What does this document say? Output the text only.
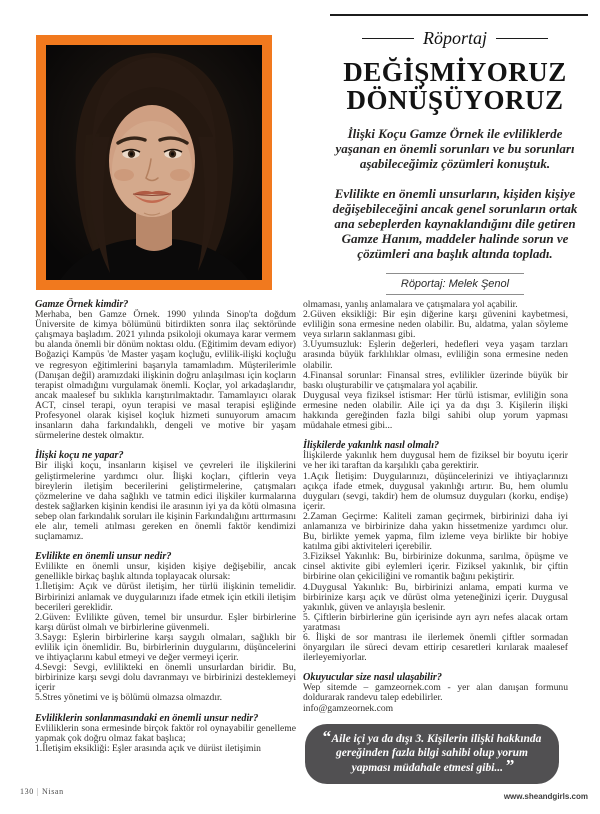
Röportaj
DEĞİŞMİYORUZ
DÖNÜŞÜYORUZ

İlişki Koçu Gamze Örnek ile evliliklerde yaşanan en önemli sorunları ve bu sorunları aşabileceğimiz çözümleri konuştuk.

Evlilikte en önemli unsurların, kişiden kişiye değişebileceğini ancak genel sorunların ortak ana sebeplerden kaynaklandığını dile getiren Gamze Hanım, maddeler halinde sorun ve çözümleri ana başlık altında topladı.

Röportaj: Melek Şenol
Gamze Örnek kimdir?
Merhaba, ben Gamze Örnek. 1990 yılında Sinop'ta doğdum Üniversite de kimya bölümünü bitirdikten sonra ilaç sektöründe çalışmaya başladım. 2021 yılında psikoloji okumaya karar vermem bu alanda önemli bir dönüm noktası oldu. (Eğitimim devam ediyor) Boğaziçi Kampüs 'de Master yaşam koçluğu, evlilik-ilişki koçluğu ve regresyon eğitimlerini başarıyla tamamladım. Müşterilerimle (Danışan değil) aramızdaki ilişkinin doğru anlaşılması için koçların terapist olmadığını vurgulamak önemli. Koçlar, yol arkadaşlarıdır, ancak maalesef bu sıklıkla karıştırılmaktadır. Tamamlayıcı olarak ACT, cinsel terapi, oyun terapisi ve masal terapisi eşliğinde Profesyonel olarak kişisel koçluk hizmeti sunuyorum amacım insanların daha farkındalıklı, dengeli ve motive bir yaşam sürmelerine destek olmaktır.
İlişki koçu ne yapar?
Bir ilişki koçu, insanların kişisel ve çevreleri ile ilişkilerini geliştirmelerine yardımcı olur. İlişki koçları, çiftlerin veya bireylerin iletişim becerilerini geliştirmelerine, çatışmaları çözmelerine ve daha sağlıklı ve tatmin edici ilişkiler kurmalarına destek sağlarken kişinin kendisi ile arasının iyi ya da kötü olmasına sebep olan farkındalık soruları ile kişinin Farkındalığını arttırmasını ele alır, temeli atılması gereken en önemli faktör kendimizi suçlamamız.
Evlilikte en önemli unsur nedir?
Evlilikte en önemli unsur, kişiden kişiye değişebilir, ancak genellikle birkaç başlık altında toplayacak olursak:
1.İletişim: Açık ve dürüst iletişim, her türlü ilişkinin temelidir. Birbirinizi anlamak ve duygularınızı ifade etmek için etkili iletişim becerileri gereklidir.
2.Güven: Evlilikte güven, temel bir unsurdur. Eşler birbirlerine karşı dürüst olmalı ve birbirlerine güvenmeli.
3.Saygı: Eşlerin birbirlerine karşı saygılı olmaları, sağlıklı bir evlilik için önemlidir. Bu, birbirlerinin duygularını, düşüncelerini ve ihtiyaçlarını kabul etmeyi ve değer vermeyi içerir.
4.Sevgi: Sevgi, evlilikteki en önemli unsurlardan biridir. Bu, birbirinize karşı sevgi dolu davranmayı ve birbirinizi desteklemeyi içerir
5.Stres yönetimi ve iş bölümü olmazsa olmazdır.
Evliliklerin sonlanmasındaki en önemli unsur nedir?
Evliliklerin sona ermesinde birçok faktör rol oynayabilir genelleme yapmak çok doğru olmaz fakat başlıca;
1.İletişim eksikliği: Eşler arasında açık ve dürüst iletişimin
olmaması, yanlış anlamalara ve çatışmalara yol açabilir.
2.Güven eksikliği: Bir eşin diğerine karşı güvenini kaybetmesi, evliliğin sona ermesine neden olabilir. Bu, aldatma, yalan söyleme veya sırların saklanması gibi.
3.Uyumsuzluk: Eşlerin değerleri, hedefleri veya yaşam tarzları arasında büyük farklılıklar olması, evliliğin sona ermesine neden olabilir.
4.Finansal sorunlar: Finansal stres, evlilikler üzerinde büyük bir baskı oluşturabilir ve çatışmalara yol açabilir.
Duygusal veya fiziksel istismar: Her türlü istismar, evliliğin sona ermesine neden olabilir. Aile içi ya da dışı 3. Kişilerin ilişki hakkında gereğinden fazla bilgi sahibi olup yorum yapması müdahale etmesi gibi...
İlişkilerde yakınlık nasıl olmalı?
İlişkilerde yakınlık hem duygusal hem de fiziksel bir boyutu içerir ve her iki taraftan da karşılıklı çaba gerektirir.
1.Açık İletişim: Duygularınızı, düşüncelerinizi ve ihtiyaçlarınızı açıkça ifade etmek, duygusal yakınlığı artırır. Bu, hem olumlu duyguları (sevgi, takdir) hem de olumsuz duyguları (korku, endişe) içerir.
2.Zaman Geçirme: Kaliteli zaman geçirmek, birbirinizi daha iyi anlamanıza ve birbirinize daha yakın hissetmenize yardımcı olur. Bu, birlikte yemek yapma, film izleme veya birlikte bir hobiye katılma gibi aktiviteleri içerebilir.
3.Fiziksel Yakınlık: Bu, birbirinize dokunma, sarılma, öpüşme ve cinsel aktivite gibi eylemleri içerir. Fiziksel yakınlık, bir çiftin birbirine olan çekiciliğini ve romantik bağını pekiştirir.
4.Duygusal Yakınlık: Bu, birbirinizi anlama, empati kurma ve birbirinize karşı açık ve dürüst olma yeteneğinizi içerir. Duygusal yakınlık, güven ve anlayışla beslenir.
5. Çiftlerin birbirlerine gün içerisinde ayrı ayrı nefes alacak ortam yaratması
6. İlişki de sor mantrası ile ilerlemek önemli çiftler sormadan önyargıları ile süreci devam ettirip cesaretleri kırılarak maalesef ilerleyemiyorlar.
Okuyucular size nasıl ulaşabilir?
Wep sitemde – gamzeornek.com - yer alan danışan formunu doldurarak randevu talep edebilirler.
info@gamzeornek.com
“ Aile içi ya da dışı 3. Kişilerin ilişki hakkında gereğinden fazla bilgi sahibi olup yorum yapması müdahale etmesi gibi... ”
130 | Nisan
www.sheandgirls.com
